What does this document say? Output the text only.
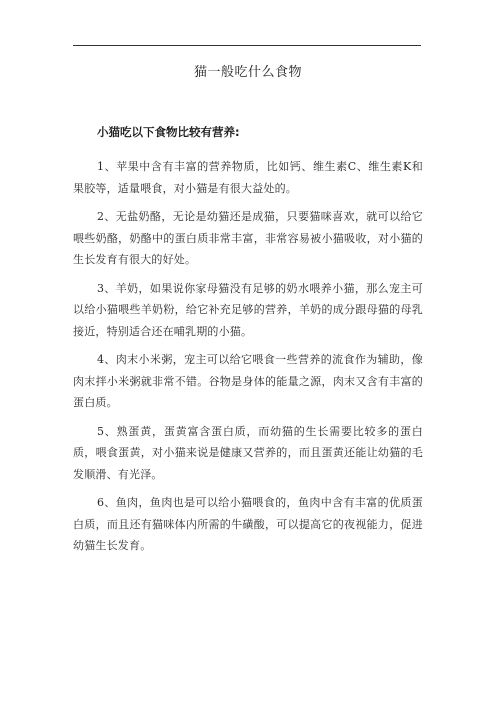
猫一般吃什么食物
小猫吃以下食物比较有营养:

1、苹果中含有丰富的营养物质，比如钙、维生素C、维生素K和果胶等，适量喂食，对小猫是有很大益处的。

2、无盐奶酪，无论是幼猫还是成猫，只要猫咪喜欢，就可以给它喂些奶酪，奶酪中的蛋白质非常丰富，非常容易被小猫吸收，对小猫的生长发育有很大的好处。

3、羊奶，如果说你家母猫没有足够的奶水喂养小猫，那么宠主可以给小猫喂些羊奶粉，给它补充足够的营养，羊奶的成分跟母猫的母乳接近，特别适合还在哺乳期的小猫。

4、肉末小米粥，宠主可以给它喂食一些营养的流食作为辅助，像肉末拌小米粥就非常不错。谷物是身体的能量之源，肉末又含有丰富的蛋白质。

5、熟蛋黄，蛋黄富含蛋白质，而幼猫的生长需要比较多的蛋白质，喂食蛋黄，对小猫来说是健康又营养的，而且蛋黄还能让幼猫的毛发顺滑、有光泽。

6、鱼肉，鱼肉也是可以给小猫喂食的，鱼肉中含有丰富的优质蛋白质，而且还有猫咪体内所需的牛磺酸，可以提高它的夜视能力，促进幼猫生长发育。
